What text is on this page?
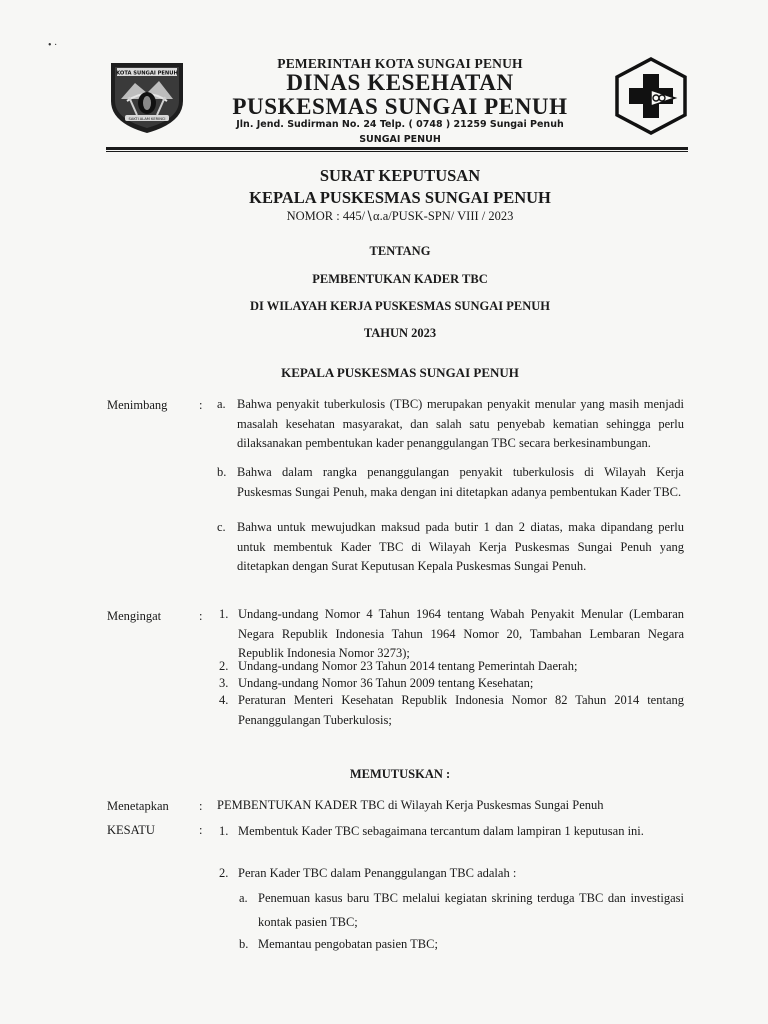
• ·
KOTA SUNGAI PENUH
SAKTI ALAM KERINCI
PEMERINTAH KOTA SUNGAI PENUH
DINAS KESEHATAN
PUSKESMAS SUNGAI PENUH
Jln. Jend. Sudirman No. 24 Telp. ( 0748 ) 21259 Sungai Penuh
SUNGAI PENUH
SURAT KEPUTUSAN
KEPALA PUSKESMAS SUNGAI PENUH
NOMOR : 445/∖α.a/PUSK-SPN/ VIII / 2023
TENTANG
PEMBENTUKAN KADER TBC
DI WILAYAH KERJA PUSKESMAS SUNGAI PENUH
TAHUN 2023
KEPALA PUSKESMAS SUNGAI PENUH
Menimbang	: a. Bahwa penyakit tuberkulosis (TBC) merupakan penyakit menular yang masih menjadi masalah kesehatan masyarakat, dan salah satu penyebab kematian sehingga perlu dilaksanakan pembentukan kader penanggulangan TBC secara berkesinambungan.
b. Bahwa dalam rangka penanggulangan penyakit tuberkulosis di Wilayah Kerja Puskesmas Sungai Penuh, maka dengan ini ditetapkan adanya pembentukan Kader TBC.
c. Bahwa untuk mewujudkan maksud pada butir 1 dan 2 diatas, maka dipandang perlu untuk membentuk Kader TBC di Wilayah Kerja Puskesmas Sungai Penuh yang ditetapkan dengan Surat Keputusan Kepala Puskesmas Sungai Penuh.
Mengingat	: 1. Undang-undang Nomor 4 Tahun 1964 tentang Wabah Penyakit Menular (Lembaran Negara Republik Indonesia Tahun 1964 Nomor 20, Tambahan Lembaran Negara Republik Indonesia Nomor 3273);
2. Undang-undang Nomor 23 Tahun 2014 tentang Pemerintah Daerah;
3. Undang-undang Nomor 36 Tahun 2009 tentang Kesehatan;
4. Peraturan Menteri Kesehatan Republik Indonesia Nomor 82 Tahun 2014 tentang Penanggulangan Tuberkulosis;
MEMUTUSKAN :
Menetapkan : PEMBENTUKAN KADER TBC di Wilayah Kerja Puskesmas Sungai Penuh
KESATU	: 1. Membentuk Kader TBC sebagaimana tercantum dalam lampiran 1 keputusan ini.
2. Peran Kader TBC dalam Penanggulangan TBC adalah :
a. Penemuan kasus baru TBC melalui kegiatan skrining terduga TBC dan investigasi kontak pasien TBC;
b. Memantau pengobatan pasien TBC;
